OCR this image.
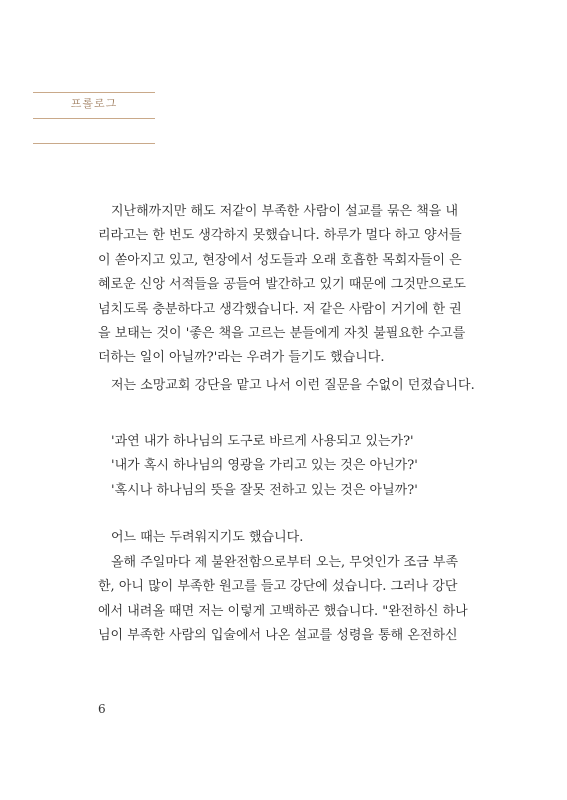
프롤로그

지난해까지만 해도 저같이 부족한 사람이 설교를 묶은 책을 내
리라고는 한 번도 생각하지 못했습니다. 하루가 멀다 하고 양서들
이 쏟아지고 있고, 현장에서 성도들과 오래 호흡한 목회자들이 은
혜로운 신앙 서적들을 공들여 발간하고 있기 때문에 그것만으로도
넘치도록 충분하다고 생각했습니다. 저 같은 사람이 거기에 한 권
을 보태는 것이 '좋은 책을 고르는 분들에게 자칫 불필요한 수고를
더하는 일이 아닐까?'라는 우려가 들기도 했습니다.

저는 소망교회 강단을 맡고 나서 이런 질문을 수없이 던졌습니다.

'과연 내가 하나님의 도구로 바르게 사용되고 있는가?'
'내가 혹시 하나님의 영광을 가리고 있는 것은 아닌가?'
'혹시나 하나님의 뜻을 잘못 전하고 있는 것은 아닐까?'

어느 때는 두려워지기도 했습니다.

올해 주일마다 제 불완전함으로부터 오는, 무엇인가 조금 부족
한, 아니 많이 부족한 원고를 들고 강단에 섰습니다. 그러나 강단
에서 내려올 때면 저는 이렇게 고백하곤 했습니다. "완전하신 하나
님이 부족한 사람의 입술에서 나온 설교를 성령을 통해 온전하신

6
